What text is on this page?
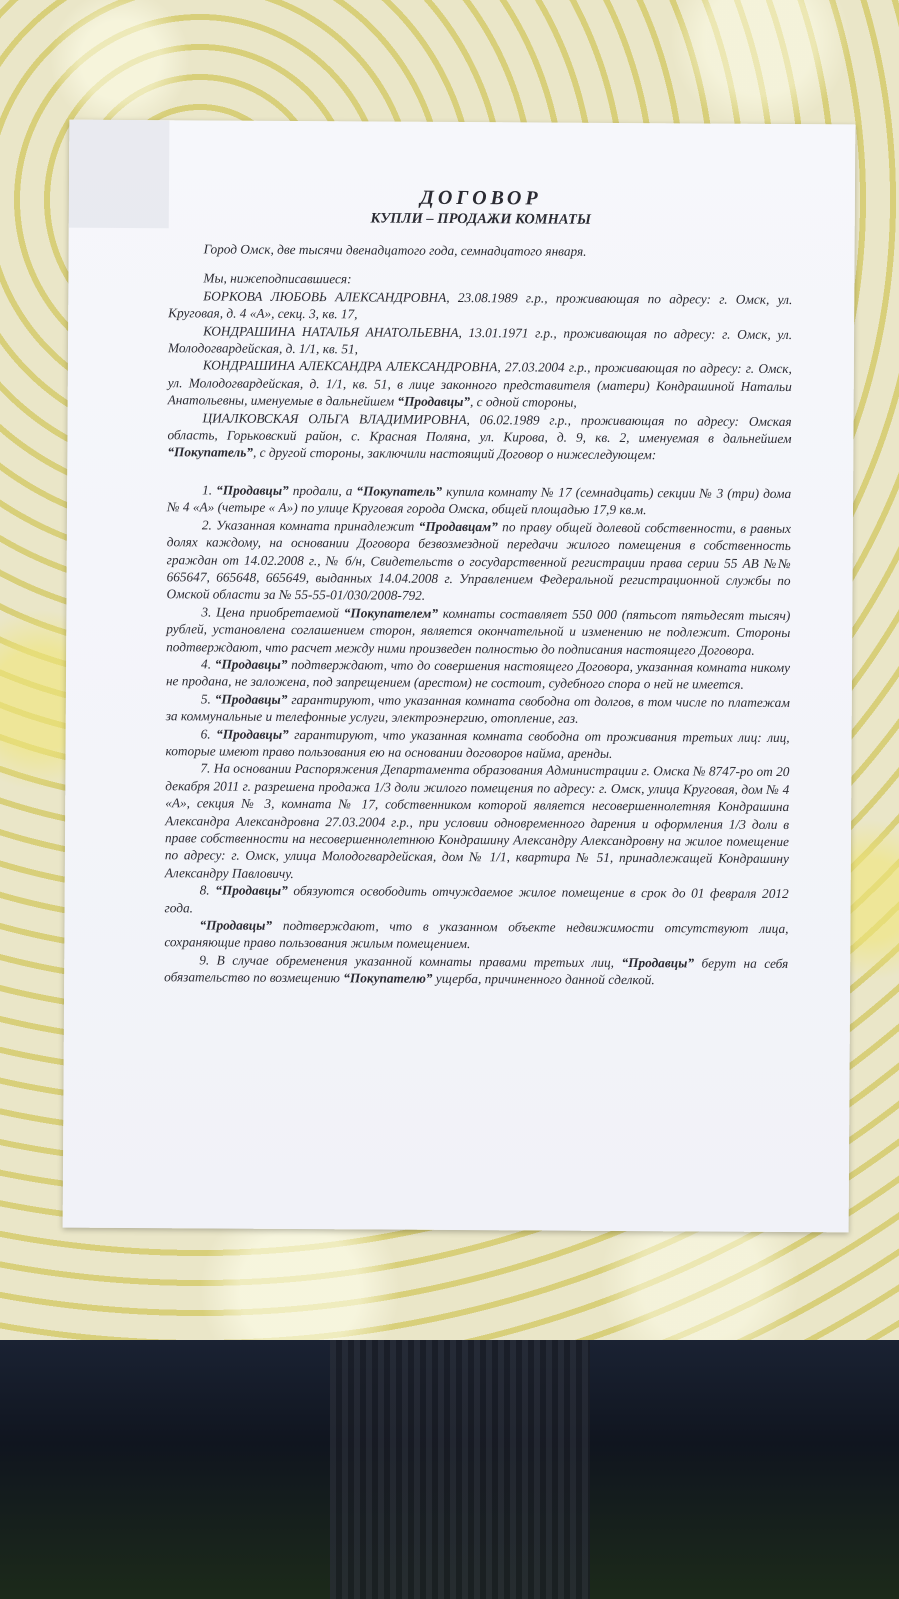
ДОГОВОР

КУПЛИ – ПРОДАЖИ КОМНАТЫ

Город Омск, две тысячи двенадцатого года, семнадцатого января.

Мы, нижеподписавшиеся:

БОРКОВА ЛЮБОВЬ АЛЕКСАНДРОВНА, 23.08.1989 г.р., проживающая по адресу: г. Омск, ул. Круговая, д. 4 «А», секц. 3, кв. 17,

КОНДРАШИНА НАТАЛЬЯ АНАТОЛЬЕВНА, 13.01.1971 г.р., проживающая по адресу: г. Омск, ул. Молодогвардейская, д. 1/1, кв. 51,

КОНДРАШИНА АЛЕКСАНДРА АЛЕКСАНДРОВНА, 27.03.2004 г.р., проживающая по адресу: г. Омск, ул. Молодогвардейская, д. 1/1, кв. 51, в лице законного представителя (матери) Кондрашиной Натальи Анатольевны, именуемые в дальнейшем “Продавцы”, с одной стороны,

ЦИАЛКОВСКАЯ ОЛЬГА ВЛАДИМИРОВНА, 06.02.1989 г.р., проживающая по адресу: Омская область, Горьковский район, с. Красная Поляна, ул. Кирова, д. 9, кв. 2, именуемая в дальнейшем “Покупатель”, с другой стороны, заключили настоящий Договор о нижеследующем:

1. “Продавцы” продали, а “Покупатель” купила комнату № 17 (семнадцать) секции № 3 (три) дома № 4 «А» (четыре « А») по улице Круговая города Омска, общей площадью 17,9 кв.м.

2. Указанная комната принадлежит “Продавцам” по праву общей долевой собственности, в равных долях каждому, на основании Договора безвозмездной передачи жилого помещения в собственность граждан от 14.02.2008 г., № б/н, Свидетельств о государственной регистрации права серии 55 АВ №№ 665647, 665648, 665649, выданных 14.04.2008 г. Управлением Федеральной регистрационной службы по Омской области за № 55-55-01/030/2008-792.

3. Цена приобретаемой “Покупателем” комнаты составляет 550 000 (пятьсот пятьдесят тысяч) рублей, установлена соглашением сторон, является окончательной и изменению не подлежит. Стороны подтверждают, что расчет между ними произведен полностью до подписания настоящего Договора.

4. “Продавцы” подтверждают, что до совершения настоящего Договора, указанная комната никому не продана, не заложена, под запрещением (арестом) не состоит, судебного спора о ней не имеется.

5. “Продавцы” гарантируют, что указанная комната свободна от долгов, в том числе по платежам за коммунальные и телефонные услуги, электроэнергию, отопление, газ.

6. “Продавцы” гарантируют, что указанная комната свободна от проживания третьих лиц: лиц, которые имеют право пользования ею на основании договоров найма, аренды.

7. На основании Распоряжения Департамента образования Администрации г. Омска № 8747-ро от 20 декабря 2011 г. разрешена продажа 1/3 доли жилого помещения по адресу: г. Омск, улица Круговая, дом № 4 «А», секция № 3, комната № 17, собственником которой является несовершеннолетняя Кондрашина Александра Александровна 27.03.2004 г.р., при условии одновременного дарения и оформления 1/3 доли в праве собственности на несовершеннолетнюю Кондрашину Александру Александровну на жилое помещение по адресу: г. Омск, улица Молодогвардейская, дом № 1/1, квартира № 51, принадлежащей Кондрашину Александру Павловичу.

8. “Продавцы” обязуются освободить отчуждаемое жилое помещение в срок до 01 февраля 2012 года.

“Продавцы” подтверждают, что в указанном объекте недвижимости отсутствуют лица, сохраняющие право пользования жилым помещением.

9. В случае обременения указанной комнаты правами третьих лиц, “Продавцы” берут на себя обязательство по возмещению “Покупателю” ущерба, причиненного данной сделкой.
